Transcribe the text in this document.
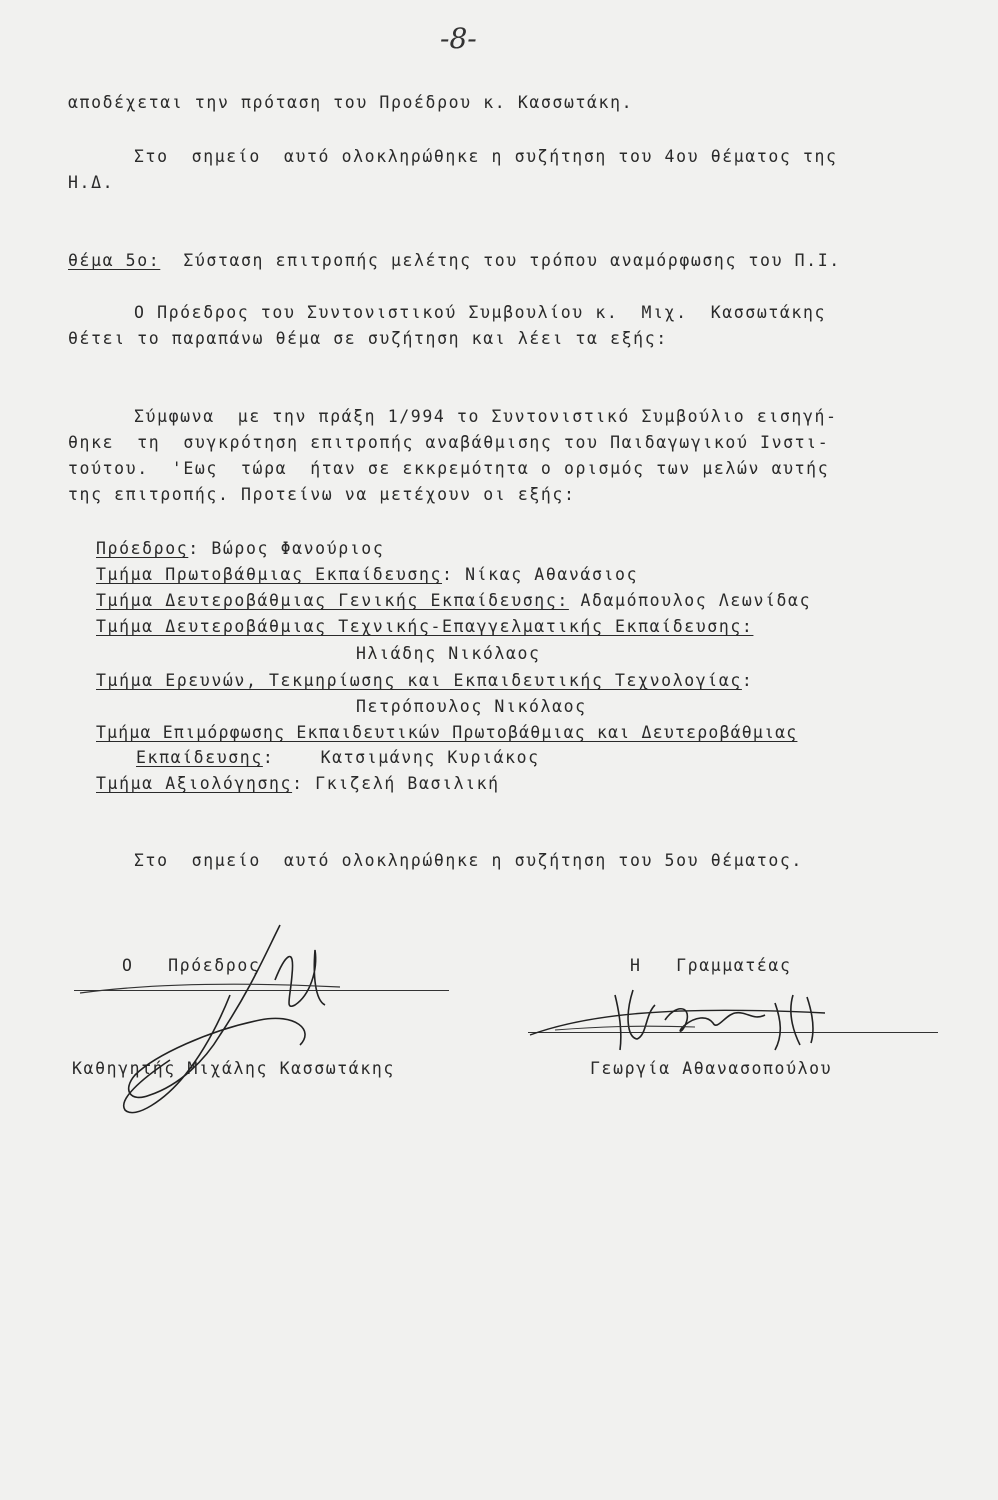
-8-
αποδέχεται την πρόταση του Προέδρου κ. Κασσωτάκη.
Στο  σημείο  αυτό ολοκληρώθηκε η συζήτηση του 4ου θέματος της
Η.Δ.
θέμα 5ο: Σύσταση επιτροπής μελέτης του τρόπου αναμόρφωσης του Π.Ι.
Ο Πρόεδρος του Συντονιστικού Συμβουλίου κ.  Μιχ.  Κασσωτάκης
θέτει το παραπάνω θέμα σε συζήτηση και λέει τα εξής:
Σύμφωνα  με την πράξη 1/994 το Συντονιστικό Συμβούλιο εισηγή-
θηκε  τη  συγκρότηση επιτροπής αναβάθμισης του Παιδαγωγικού Ινστι-
τούτου.  'Εως  τώρα  ήταν σε εκκρεμότητα ο ορισμός των μελών αυτής
της επιτροπής. Προτείνω να μετέχουν οι εξής:
Πρόεδρος: Βώρος Φανούριος
Τμήμα Πρωτοβάθμιας Εκπαίδευσης: Νίκας Αθανάσιος
Τμήμα Δευτεροβάθμιας Γενικής Εκπαίδευσης: Αδαμόπουλος Λεωνίδας
Τμήμα Δευτεροβάθμιας Τεχνικής-Επαγγελματικής Εκπαίδευσης:
Ηλιάδης Νικόλαος
Τμήμα Ερευνών, Τεκμηρίωσης και Εκπαιδευτικής Τεχνολογίας:
Πετρόπουλος Νικόλαος
Τμήμα Επιμόρφωσης Εκπαιδευτικών Πρωτοβάθμιας και Δευτεροβάθμιας
Εκπαίδευσης:	Κατσιμάνης Κυριάκος
Τμήμα Αξιολόγησης: Γκιζελή Βασιλική
Στο  σημείο  αυτό ολοκληρώθηκε η συζήτηση του 5ου θέματος.
Ο   Πρόεδρος
Καθηγητής Μιχάλης Κασσωτάκης
Η   Γραμματέας
Γεωργία Αθανασοπούλου
